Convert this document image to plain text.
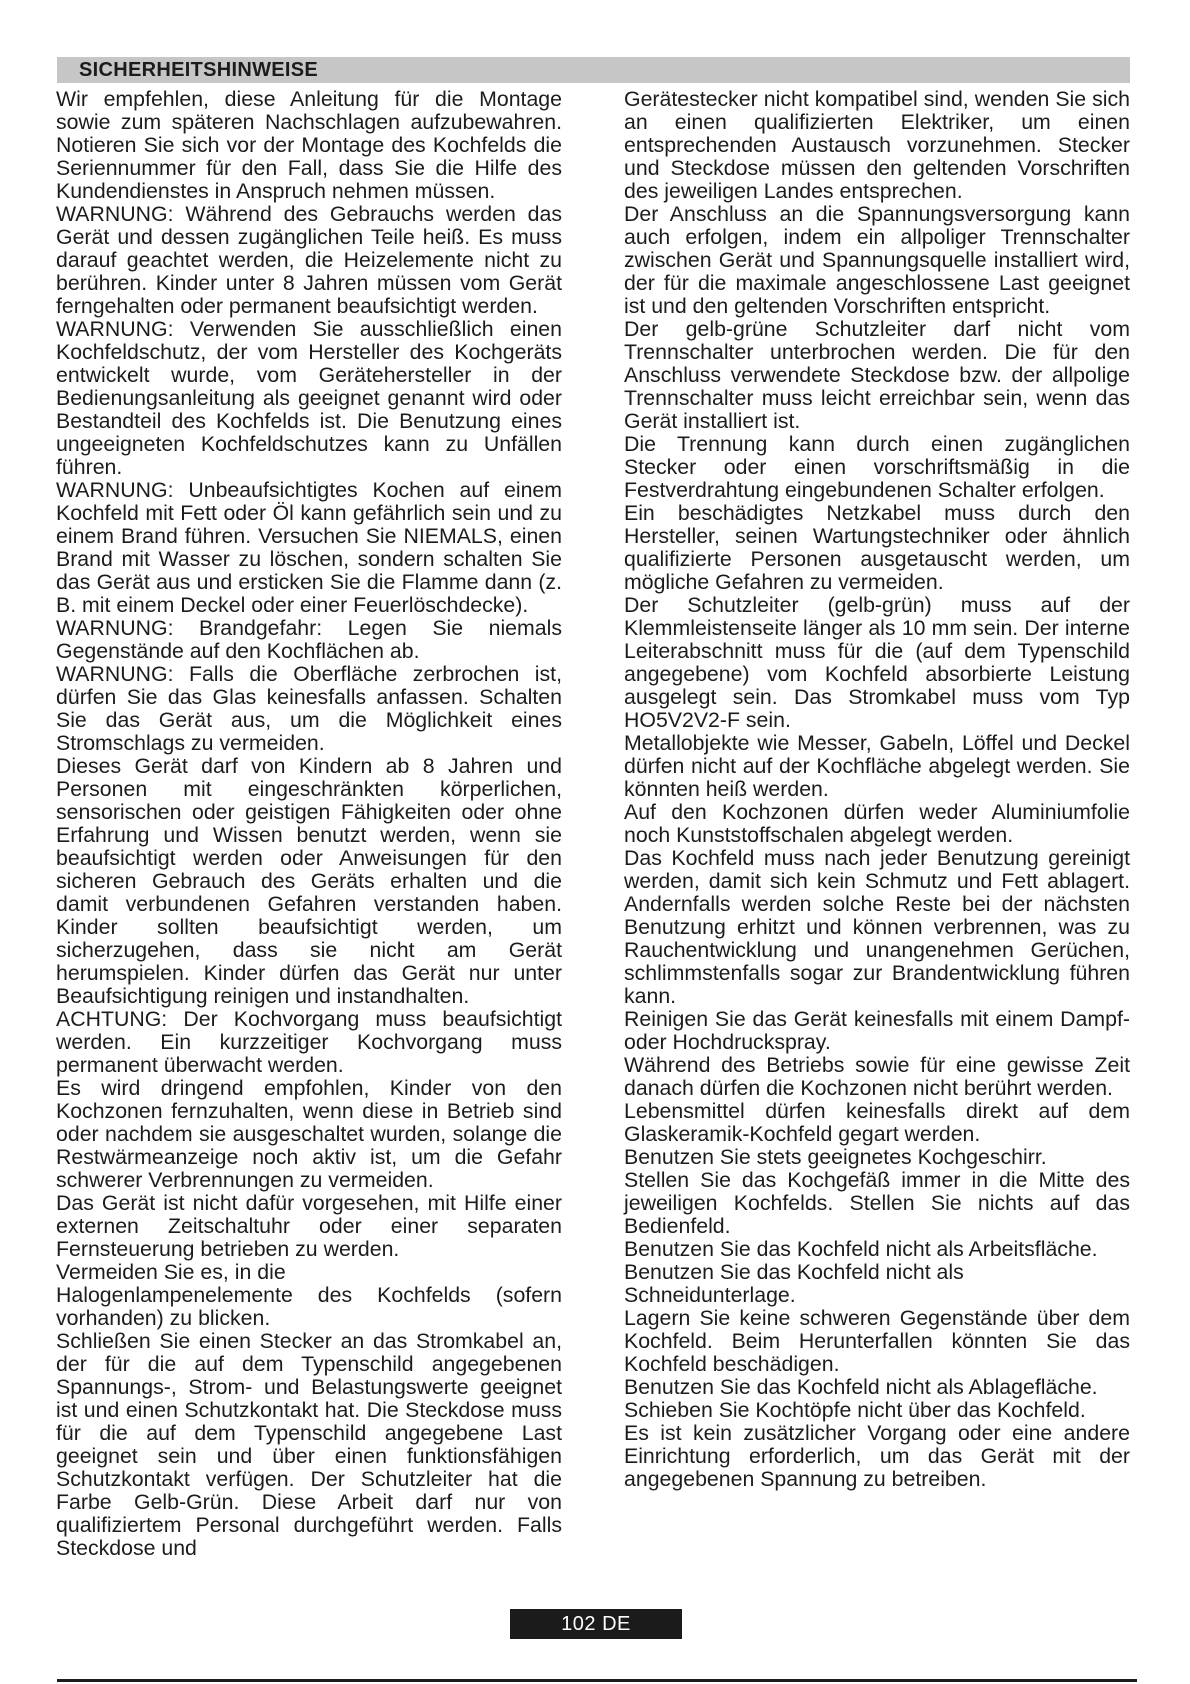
SICHERHEITSHINWEISE

Wir empfehlen, diese Anleitung für die Montage sowie zum späteren Nachschlagen aufzubewahren. Notieren Sie sich vor der Montage des Kochfelds die Seriennummer für den Fall, dass Sie die Hilfe des Kundendienstes in Anspruch nehmen müssen.

WARNUNG: Während des Gebrauchs werden das Gerät und dessen zugänglichen Teile heiß. Es muss darauf geachtet werden, die Heizelemente nicht zu berühren. Kinder unter 8 Jahren müssen vom Gerät ferngehalten oder permanent beaufsichtigt werden.

WARNUNG: Verwenden Sie ausschließlich einen Kochfeldschutz, der vom Hersteller des Kochgeräts entwickelt wurde, vom Gerätehersteller in der Bedienungsanleitung als geeignet genannt wird oder Bestandteil des Kochfelds ist. Die Benutzung eines ungeeigneten Kochfeldschutzes kann zu Unfällen führen.

WARNUNG: Unbeaufsichtigtes Kochen auf einem Kochfeld mit Fett oder Öl kann gefährlich sein und zu einem Brand führen. Versuchen Sie NIEMALS, einen Brand mit Wasser zu löschen, sondern schalten Sie das Gerät aus und ersticken Sie die Flamme dann (z. B. mit einem Deckel oder einer Feuerlöschdecke).

WARNUNG: Brandgefahr: Legen Sie niemals Gegenstände auf den Kochflächen ab.

WARNUNG: Falls die Oberfläche zerbrochen ist, dürfen Sie das Glas keinesfalls anfassen. Schalten Sie das Gerät aus, um die Möglichkeit eines Stromschlags zu vermeiden.

Dieses Gerät darf von Kindern ab 8 Jahren und Personen mit eingeschränkten körperlichen, sensorischen oder geistigen Fähigkeiten oder ohne Erfahrung und Wissen benutzt werden, wenn sie beaufsichtigt werden oder Anweisungen für den sicheren Gebrauch des Geräts erhalten und die damit verbundenen Gefahren verstanden haben. Kinder sollten beaufsichtigt werden, um sicherzugehen, dass sie nicht am Gerät herumspielen. Kinder dürfen das Gerät nur unter Beaufsichtigung reinigen und instandhalten.

ACHTUNG: Der Kochvorgang muss beaufsichtigt werden. Ein kurzzeitiger Kochvorgang muss permanent überwacht werden.

Es wird dringend empfohlen, Kinder von den Kochzonen fernzuhalten, wenn diese in Betrieb sind oder nachdem sie ausgeschaltet wurden, solange die Restwärmeanzeige noch aktiv ist, um die Gefahr schwerer Verbrennungen zu vermeiden.

Das Gerät ist nicht dafür vorgesehen, mit Hilfe einer externen Zeitschaltuhr oder einer separaten Fernsteuerung betrieben zu werden.

Vermeiden Sie es, in die

Halogenlampenelemente des Kochfelds (sofern vorhanden) zu blicken.

Schließen Sie einen Stecker an das Stromkabel an, der für die auf dem Typenschild angegebenen Spannungs-, Strom- und Belastungswerte geeignet ist und einen Schutzkontakt hat. Die Steckdose muss für die auf dem Typenschild angegebene Last geeignet sein und über einen funktionsfähigen Schutzkontakt verfügen. Der Schutzleiter hat die Farbe Gelb-Grün. Diese Arbeit darf nur von qualifiziertem Personal durchgeführt werden. Falls Steckdose und

Gerätestecker nicht kompatibel sind, wenden Sie sich an einen qualifizierten Elektriker, um einen entsprechenden Austausch vorzunehmen. Stecker und Steckdose müssen den geltenden Vorschriften des jeweiligen Landes entsprechen.

Der Anschluss an die Spannungsversorgung kann auch erfolgen, indem ein allpoliger Trennschalter zwischen Gerät und Spannungsquelle installiert wird, der für die maximale angeschlossene Last geeignet ist und den geltenden Vorschriften entspricht.

Der gelb-grüne Schutzleiter darf nicht vom Trennschalter unterbrochen werden. Die für den Anschluss verwendete Steckdose bzw. der allpolige Trennschalter muss leicht erreichbar sein, wenn das Gerät installiert ist.

Die Trennung kann durch einen zugänglichen Stecker oder einen vorschriftsmäßig in die Festverdrahtung eingebundenen Schalter erfolgen.

Ein beschädigtes Netzkabel muss durch den Hersteller, seinen Wartungstechniker oder ähnlich qualifizierte Personen ausgetauscht werden, um mögliche Gefahren zu vermeiden.

Der Schutzleiter (gelb-grün) muss auf der Klemmleistenseite länger als 10 mm sein. Der interne Leiterabschnitt muss für die (auf dem Typenschild angegebene) vom Kochfeld absorbierte Leistung ausgelegt sein. Das Stromkabel muss vom Typ HO5V2V2-F sein.

Metallobjekte wie Messer, Gabeln, Löffel und Deckel dürfen nicht auf der Kochfläche abgelegt werden. Sie könnten heiß werden.

Auf den Kochzonen dürfen weder Aluminiumfolie noch Kunststoffschalen abgelegt werden.

Das Kochfeld muss nach jeder Benutzung gereinigt werden, damit sich kein Schmutz und Fett ablagert. Andernfalls werden solche Reste bei der nächsten Benutzung erhitzt und können verbrennen, was zu Rauchentwicklung und unangenehmen Gerüchen, schlimmstenfalls sogar zur Brandentwicklung führen kann.

Reinigen Sie das Gerät keinesfalls mit einem Dampf- oder Hochdruckspray.

Während des Betriebs sowie für eine gewisse Zeit danach dürfen die Kochzonen nicht berührt werden.

Lebensmittel dürfen keinesfalls direkt auf dem Glaskeramik-Kochfeld gegart werden.

Benutzen Sie stets geeignetes Kochgeschirr.

Stellen Sie das Kochgefäß immer in die Mitte des jeweiligen Kochfelds. Stellen Sie nichts auf das Bedienfeld.

Benutzen Sie das Kochfeld nicht als Arbeitsfläche.

Benutzen Sie das Kochfeld nicht als

Schneidunterlage.

Lagern Sie keine schweren Gegenstände über dem Kochfeld. Beim Herunterfallen könnten Sie das Kochfeld beschädigen.

Benutzen Sie das Kochfeld nicht als Ablagefläche.

Schieben Sie Kochtöpfe nicht über das Kochfeld.

Es ist kein zusätzlicher Vorgang oder eine andere Einrichtung erforderlich, um das Gerät mit der angegebenen Spannung zu betreiben.

102 DE
